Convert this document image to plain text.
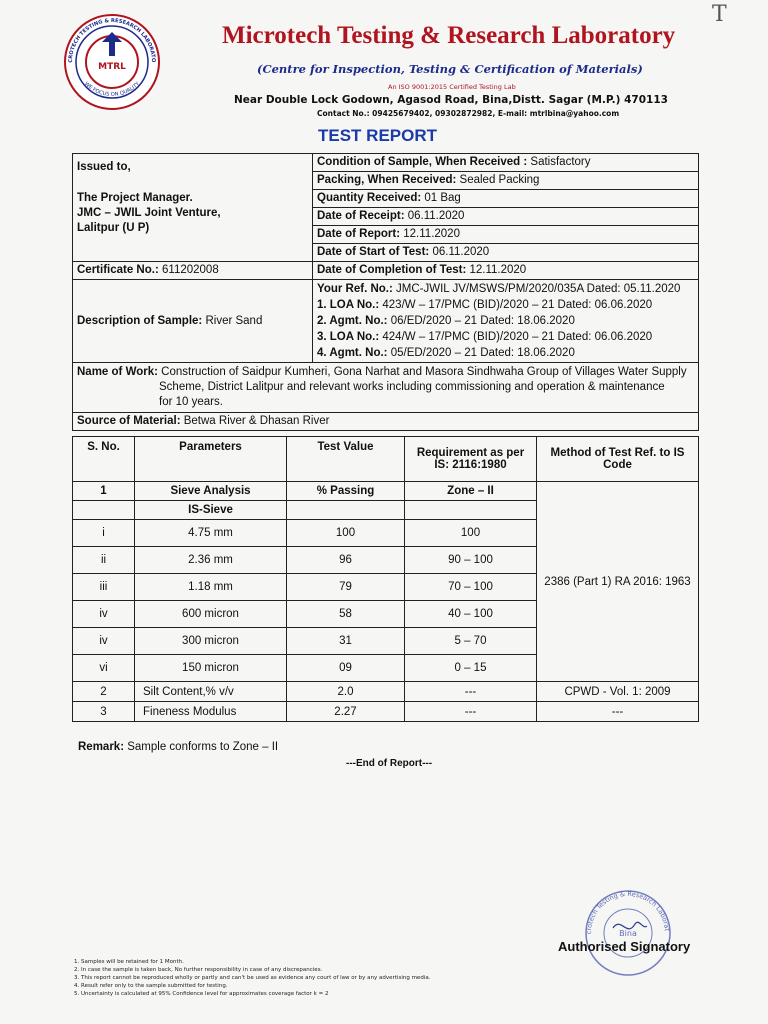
MTRL
CROTECH TESTING & RESEARCH LABORATO
WE FOCUS ON QUALITY
Microtech Testing & Research Laboratory
(Centre for Inspection, Testing & Certification of Materials)
An ISO 9001:2015 Certified Testing Lab
Near Double Lock Godown, Agasod Road, Bina,Distt. Sagar (M.P.) 470113
Contact No.: 09425679402, 09302872982, E-mail: mtrlbina@yahoo.com
TEST REPORT
Issued to,
The Project Manager.
JMC – JWIL Joint Venture,
Lalitpur (U P)	Condition of Sample, When Received : Satisfactory
	Packing, When Received: Sealed Packing
	Quantity Received: 01 Bag
	Date of Receipt: 06.11.2020
	Date of Report: 12.11.2020
	Date of Start of Test: 06.11.2020
Certificate No.: 611202008	Date of Completion of Test: 12.11.2020
Description of Sample: River Sand	Your Ref. No.: JMC-JWIL JV/MSWS/PM/2020/035A Dated: 05.11.2020
1. LOA No.: 423/W – 17/PMC (BID)/2020 – 21 Dated: 06.06.2020
2. Agmt. No.: 06/ED/2020 – 21 Dated: 18.06.2020
3. LOA No.: 424/W – 17/PMC (BID)/2020 – 21 Dated: 06.06.2020
4. Agmt. No.: 05/ED/2020 – 21 Dated: 18.06.2020

Name of Work: Construction of Saidpur Kumheri, Gona Narhat and Masora Sindhwaha Group of Villages Water Supply
Scheme, District Lalitpur and relevant works including commissioning and operation & maintenance
for 10 years.	

Source of Material: Betwa River & Dhasan River	
S. No.	Parameters	Test Value	Requirement as per
IS: 2116:1980	Method of Test Ref. to IS Code
1	Sieve Analysis	% Passing	Zone – II	2386 (Part 1) RA 2016: 1963
	IS-Sieve			
i	4.75 mm	100	100	
ii	2.36 mm	96	90 – 100	
iii	1.18 mm	79	70 – 100	
iv	600 micron	58	40 – 100	
iv	300 micron	31	5 – 70	
vi	150 micron	09	0 – 15	
2	Silt Content,% v/v	2.0	---	CPWD - Vol. 1: 2009
3	Fineness Modulus	2.27	---	---
Remark: Sample conforms to Zone – II
---End of Report---
crotech Testing & Research Laborat
Bina
Authorised Signatory
1. Samples will be retained for 1 Month.
2. In case the sample is taken back, No further responsibility in case of any discrepancies.
3. This report cannot be reproduced wholly or partly and can't be used as evidence any court of law or by any advertising media.
4. Result refer only to the sample submitted for testing.
5. Uncertainty is calculated at 95% Confidence level for approximates coverage factor k = 2
T
